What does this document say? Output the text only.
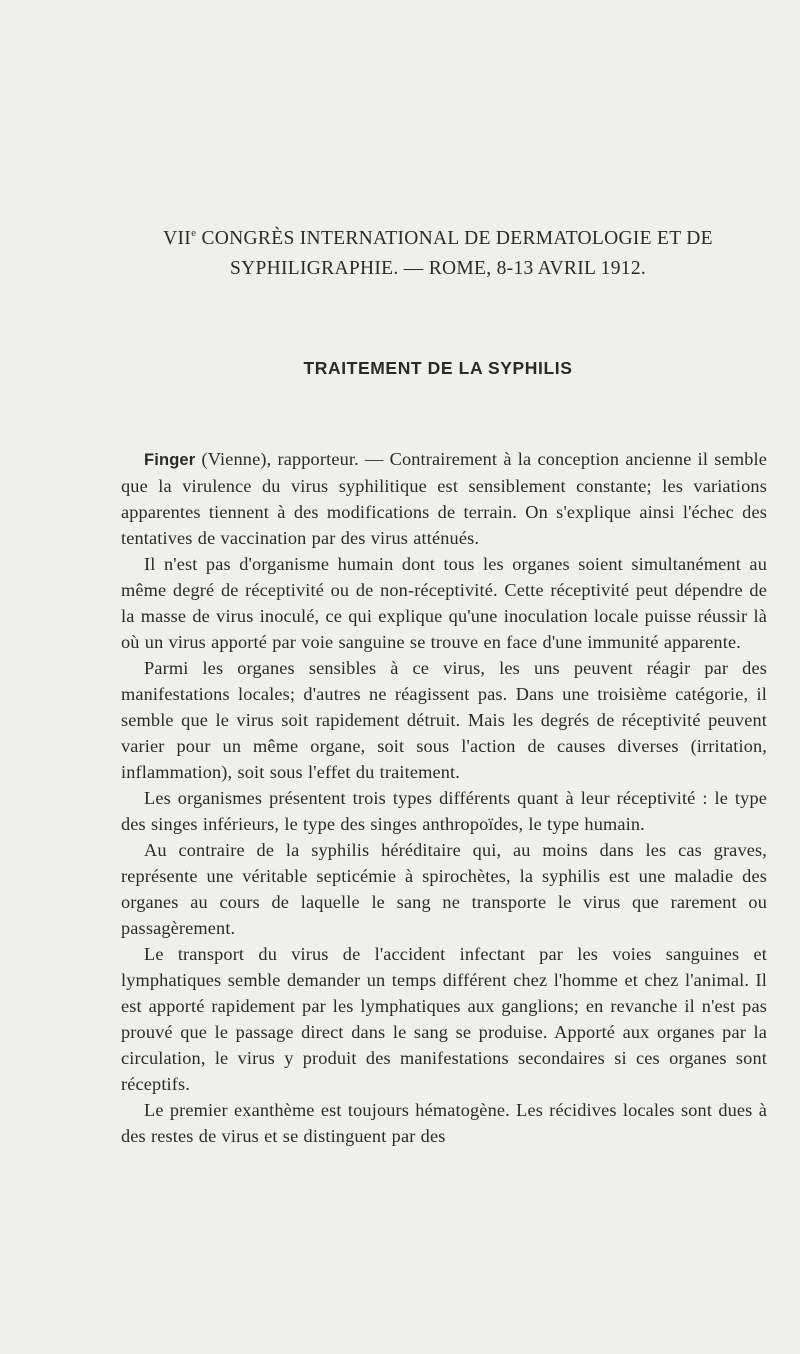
VIIe CONGRÈS INTERNATIONAL DE DERMATOLOGIE ET DE
SYPHILIGRAPHIE. — ROME, 8-13 AVRIL 1912.
TRAITEMENT DE LA SYPHILIS

Finger (Vienne), rapporteur. — Contrairement à la conception ancienne il semble que la virulence du virus syphilitique est sensiblement constante; les variations apparentes tiennent à des modifications de terrain. On s'explique ainsi l'échec des tentatives de vaccination par des virus atténués.

Il n'est pas d'organisme humain dont tous les organes soient simultanément au même degré de réceptivité ou de non-réceptivité. Cette réceptivité peut dépendre de la masse de virus inoculé, ce qui explique qu'une inoculation locale puisse réussir là où un virus apporté par voie sanguine se trouve en face d'une immunité apparente.

Parmi les organes sensibles à ce virus, les uns peuvent réagir par des manifestations locales; d'autres ne réagissent pas. Dans une troisième catégorie, il semble que le virus soit rapidement détruit. Mais les degrés de réceptivité peuvent varier pour un même organe, soit sous l'action de causes diverses (irritation, inflammation), soit sous l'effet du traitement.

Les organismes présentent trois types différents quant à leur réceptivité : le type des singes inférieurs, le type des singes anthropoïdes, le type humain.

Au contraire de la syphilis héréditaire qui, au moins dans les cas graves, représente une véritable septicémie à spirochètes, la syphilis est une maladie des organes au cours de laquelle le sang ne transporte le virus que rarement ou passagèrement.

Le transport du virus de l'accident infectant par les voies sanguines et lymphatiques semble demander un temps différent chez l'homme et chez l'animal. Il est apporté rapidement par les lymphatiques aux ganglions; en revanche il n'est pas prouvé que le passage direct dans le sang se produise. Apporté aux organes par la circulation, le virus y produit des manifestations secondaires si ces organes sont réceptifs.

Le premier exanthème est toujours hématogène. Les récidives locales sont dues à des restes de virus et se distinguent par des
